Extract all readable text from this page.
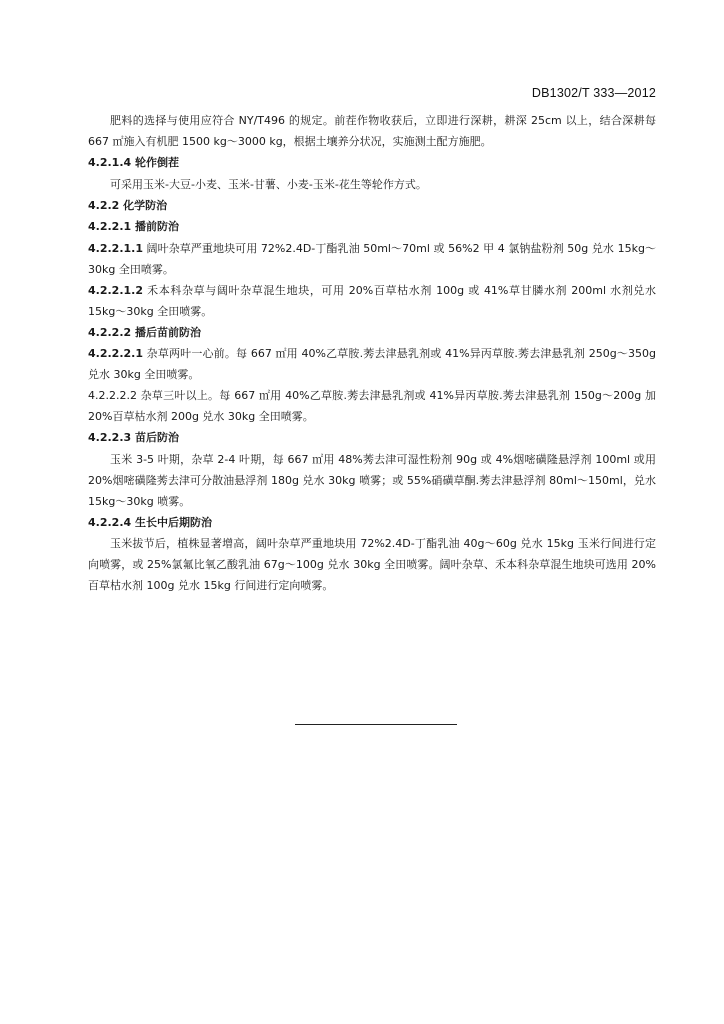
DB1302/T 333—2012

肥料的选择与使用应符合 NY/T496 的规定。前茬作物收获后，立即进行深耕，耕深 25cm 以上，结合深耕每 667 ㎡施入有机肥 1500 kg～3000 kg，根据土壤养分状况，实施测土配方施肥。

4.2.1.4 轮作倒茬

可采用玉米-大豆-小麦、玉米-甘薯、小麦-玉米-花生等轮作方式。

4.2.2 化学防治

4.2.2.1 播前防治

4.2.2.1.1 阔叶杂草严重地块可用 72%2.4D-丁酯乳油 50ml～70ml 或 56%2 甲 4 氯钠盐粉剂 50g 兑水 15kg～30kg 全田喷雾。

4.2.2.1.2 禾本科杂草与阔叶杂草混生地块，可用 20%百草枯水剂 100g 或 41%草甘膦水剂 200ml 水剂兑水 15kg～30kg 全田喷雾。

4.2.2.2 播后苗前防治

4.2.2.2.1 杂草两叶一心前。每 667 ㎡用 40%乙草胺.莠去津悬乳剂或 41%异丙草胺.莠去津悬乳剂 250g～350g 兑水 30kg 全田喷雾。

4.2.2.2.2 杂草三叶以上。每 667 ㎡用 40%乙草胺.莠去津悬乳剂或 41%异丙草胺.莠去津悬乳剂 150g～200g 加 20%百草枯水剂 200g 兑水 30kg 全田喷雾。

4.2.2.3 苗后防治

玉米 3-5 叶期，杂草 2-4 叶期，每 667 ㎡用 48%莠去津可湿性粉剂 90g 或 4%烟嘧磺隆悬浮剂 100ml 或用 20%烟嘧磺隆莠去津可分散油悬浮剂 180g 兑水 30kg 喷雾；或 55%硝磺草酮.莠去津悬浮剂 80ml～150ml，兑水 15kg～30kg 喷雾。

4.2.2.4 生长中后期防治

玉米拔节后，植株显著增高，阔叶杂草严重地块用 72%2.4D-丁酯乳油 40g～60g 兑水 15kg 玉米行间进行定向喷雾，或 25%氯氟比氧乙酸乳油 67g～100g 兑水 30kg 全田喷雾。阔叶杂草、禾本科杂草混生地块可选用 20%百草枯水剂 100g 兑水 15kg 行间进行定向喷雾。
